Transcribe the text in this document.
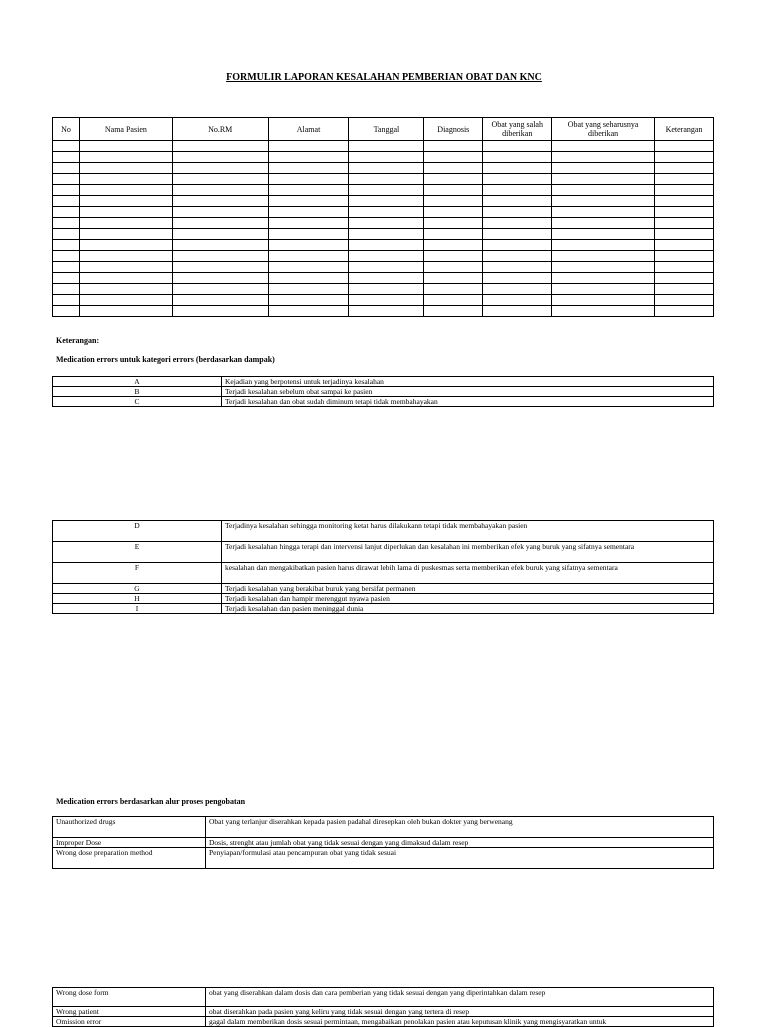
FORMULIR LAPORAN KESALAHAN PEMBERIAN OBAT DAN KNC
No	Nama Pasien	No.RM	Alamat	Tanggal	Diagnosis	Obat yang salah diberikan	Obat yang seharusnya diberikan	Keterangan

Keterangan:
Medication errors untuk kategori errors (berdasarkan dampak)
A	Kejadian yang berpotensi untuk terjadinya kesalahan
B	Terjadi kesalahan sebelum obat sampai ke pasien
C	Terjadi kesalahan dan obat sudah diminum tetapi tidak membahayakan
D	Terjadinya kesalahan sehingga monitoring ketat harus dilakukann tetapi tidak membahayakan pasien
E	Terjadi kesalahan hingga terapi dan intervensi lanjut diperlukan dan kesalahan ini memberikan efek yang buruk yang sifatnya sementara
F	kesalahan dan mengakibatkan pasien harus dirawat lebih lama di puskesmas serta memberikan efek buruk yang sifatnya sementara
G	Terjadi kesalahan yang berakibat buruk yang bersifat permanen
H	Terjadi kesalahan dan hampir merenggut nyawa pasien
I	Terjadi kesalahan dan pasien meninggal dunia
Medication errors berdasarkan alur proses pengobatan
Unauthorized drugs	Obat yang terlanjur diserahkan kepada pasien padahal diresepkan oleh bukan dokter yang berwenang
Improper Dose	Dosis, strenght atau jumlah obat yang tidak sesuai dengan yang dimaksud dalam resep
Wrong dose preparation method	Penyiapan/formulasi atau pencampuran obat yang tidak sesuai
Wrong dose form	obat yang diserahkan dalam dosis dan cara pemberian yang tidak sesuai dengan yang diperintahkan dalam resep
Wrong patient	obat diserahkan pada pasien yang keliru yang tidak sesuai dengan yang tertera di resep
Omission error	gagal dalam memberikan dosis sesuai permintaan, mengabaikan penolakan pasien atau keputusan klinik yang mengisyaratkan untuk
